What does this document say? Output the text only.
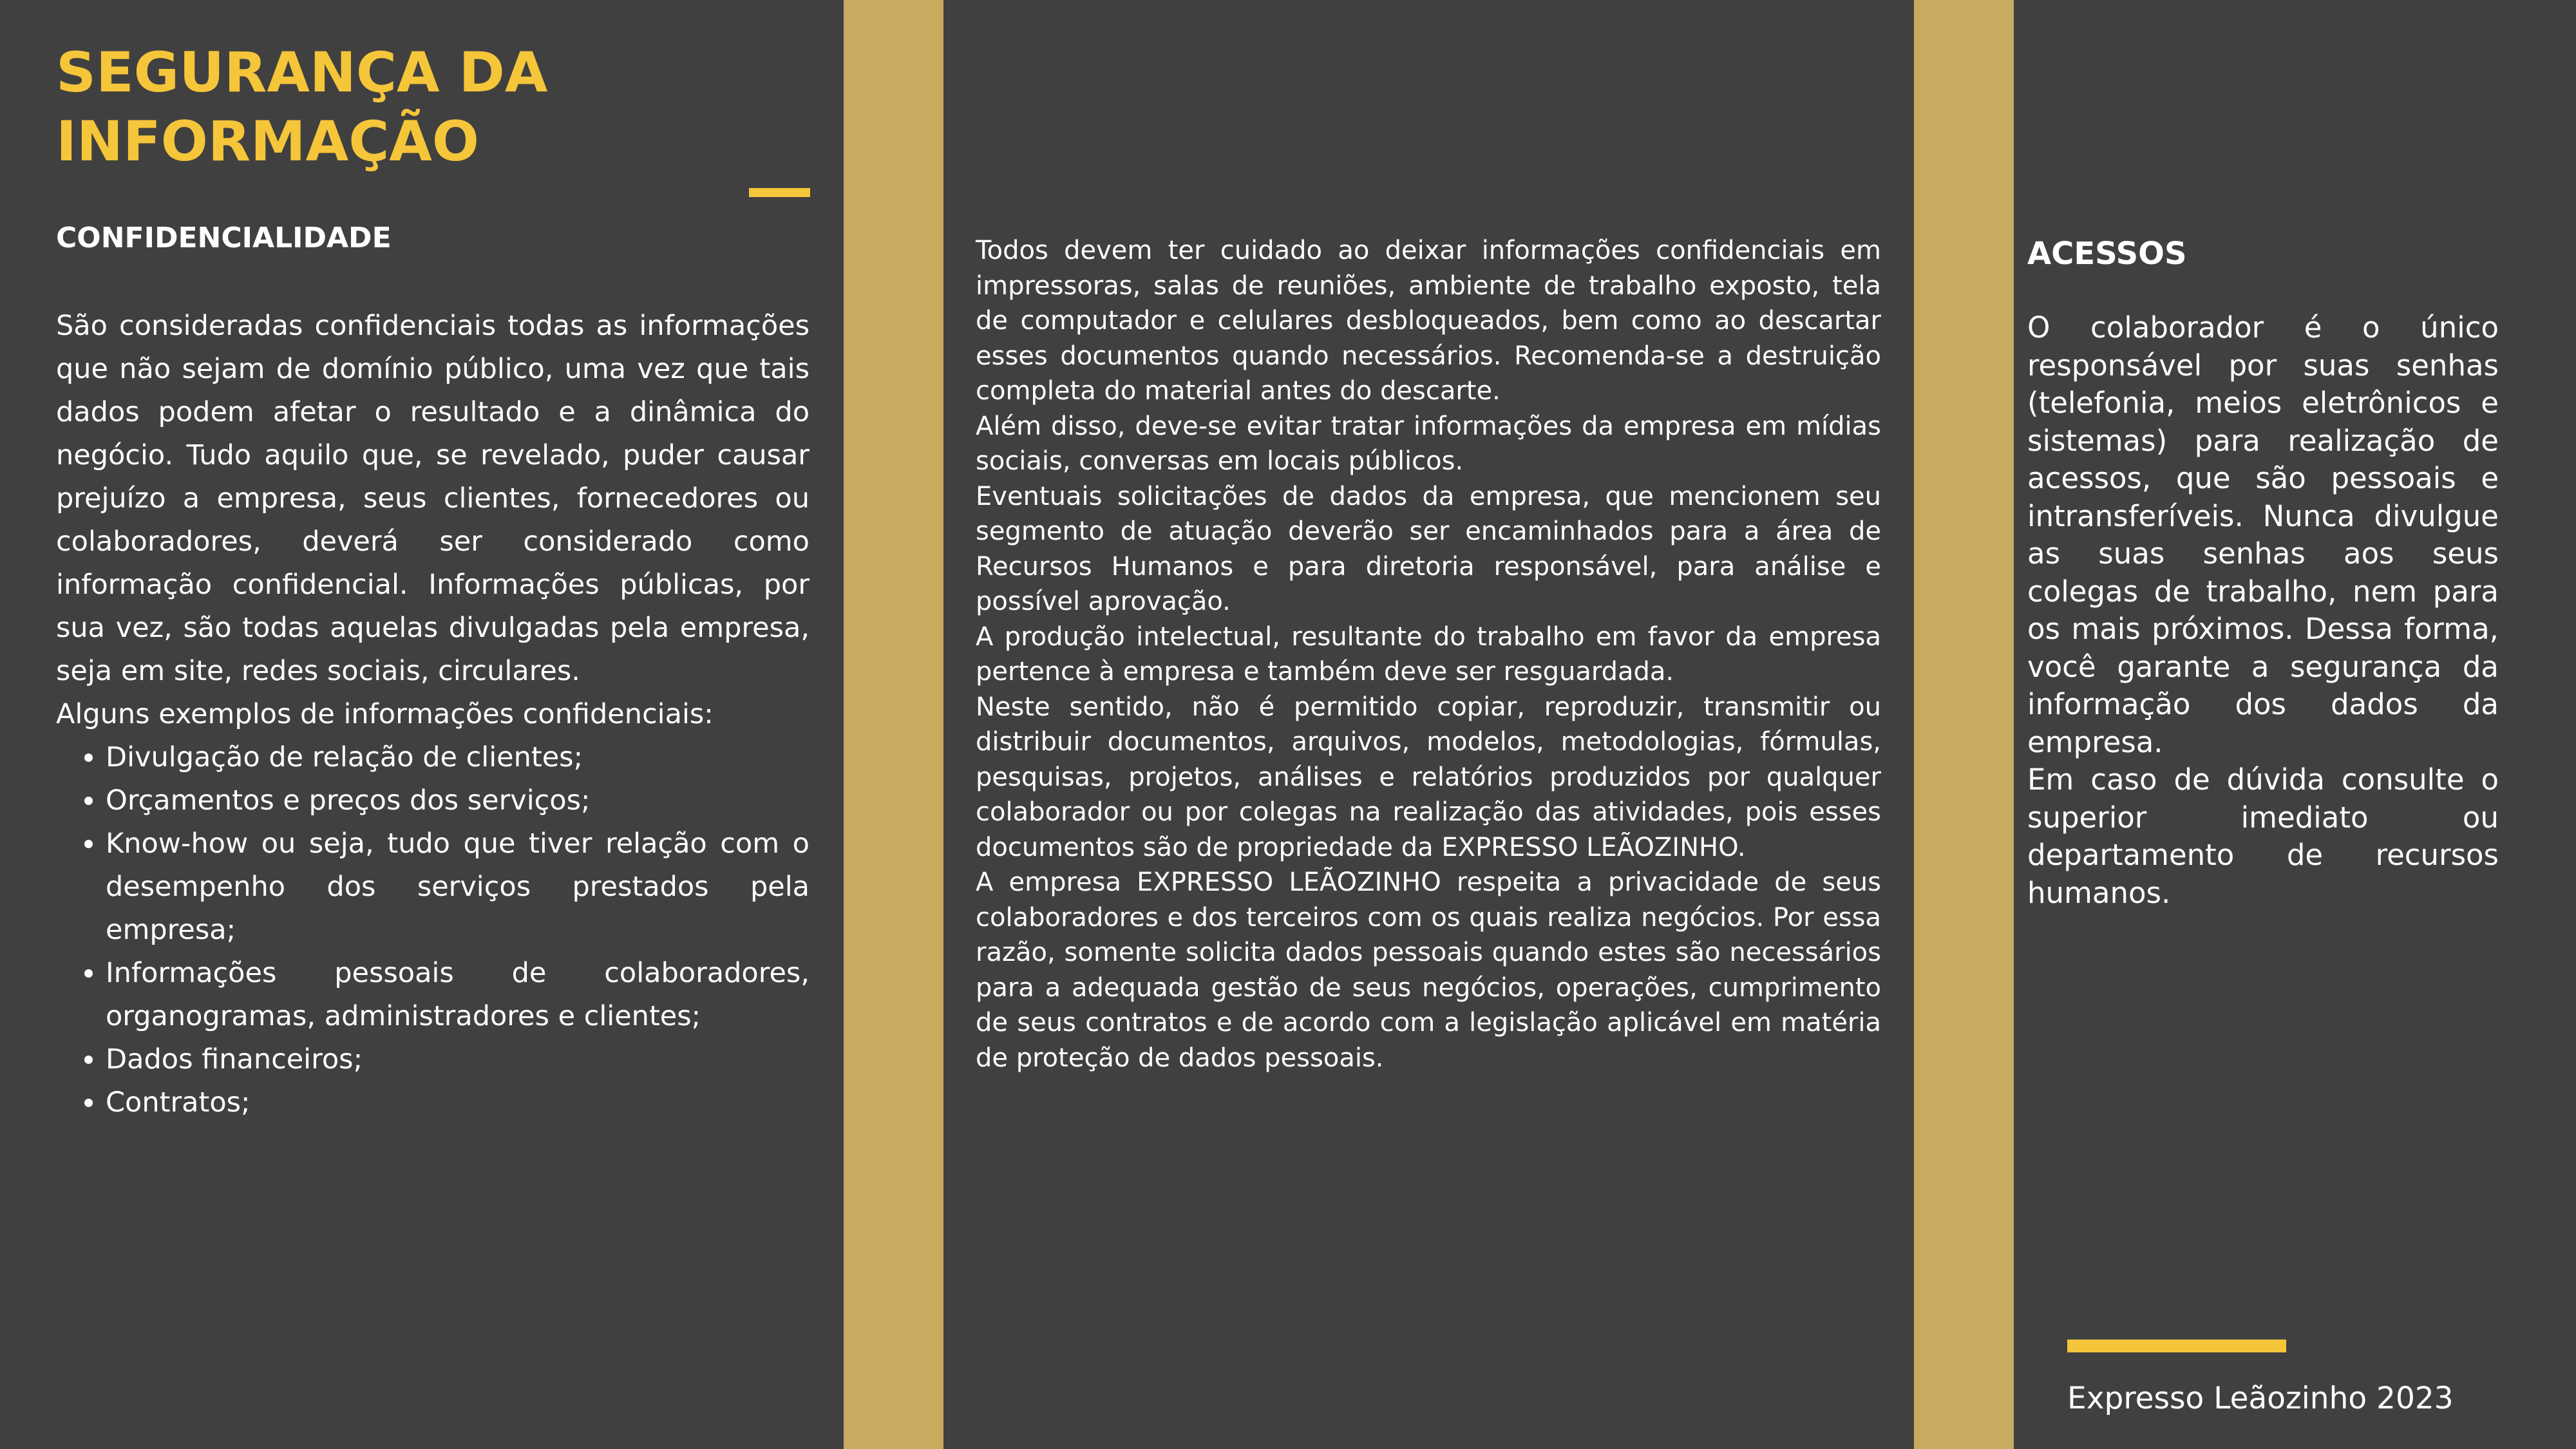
SEGURANÇA DA INFORMAÇÃO
CONFIDENCIALIDADE

São consideradas confidenciais todas as informações que não sejam de domínio público, uma vez que tais dados podem afetar o resultado e a dinâmica do negócio. Tudo aquilo que, se revelado, puder causar prejuízo a empresa, seus clientes, fornecedores ou colaboradores, deverá ser considerado como informação confidencial. Informações públicas, por sua vez, são todas aquelas divulgadas pela empresa, seja em site, redes sociais, circulares.

Alguns exemplos de informações confidenciais:

• Divulgação de relação de clientes;
• Orçamentos e preços dos serviços;
• Know-how ou seja, tudo que tiver relação com o desempenho dos serviços prestados pela empresa;
• Informações pessoais de colaboradores, organogramas, administradores e clientes;
• Dados financeiros;
• Contratos;

Todos devem ter cuidado ao deixar informações confidenciais em impressoras, salas de reuniões, ambiente de trabalho exposto, tela de computador e celulares desbloqueados, bem como ao descartar esses documentos quando necessários. Recomenda-se a destruição completa do material antes do descarte.

Além disso, deve-se evitar tratar informações da empresa em mídias sociais, conversas em locais públicos.

Eventuais solicitações de dados da empresa, que mencionem seu segmento de atuação deverão ser encaminhados para a área de Recursos Humanos e para diretoria responsável, para análise e possível aprovação.

A produção intelectual, resultante do trabalho em favor da empresa pertence à empresa e também deve ser resguardada.

Neste sentido, não é permitido copiar, reproduzir, transmitir ou distribuir documentos, arquivos, modelos, metodologias, fórmulas, pesquisas, projetos, análises e relatórios produzidos por qualquer colaborador ou por colegas na realização das atividades, pois esses documentos são de propriedade da EXPRESSO LEÃOZINHO.

A empresa EXPRESSO LEÃOZINHO respeita a privacidade de seus colaboradores e dos terceiros com os quais realiza negócios. Por essa razão, somente solicita dados pessoais quando estes são necessários para a adequada gestão de seus negócios, operações, cumprimento de seus contratos e de acordo com a legislação aplicável em matéria de proteção de dados pessoais.

ACESSOS

O colaborador é o único responsável por suas senhas (telefonia, meios eletrônicos e sistemas) para realização de acessos, que são pessoais e intransferíveis. Nunca divulgue as suas senhas aos seus colegas de trabalho, nem para os mais próximos. Dessa forma, você garante a segurança da informação dos dados da empresa.

Em caso de dúvida consulte o superior imediato ou departamento de recursos humanos.

Expresso Leãozinho 2023
